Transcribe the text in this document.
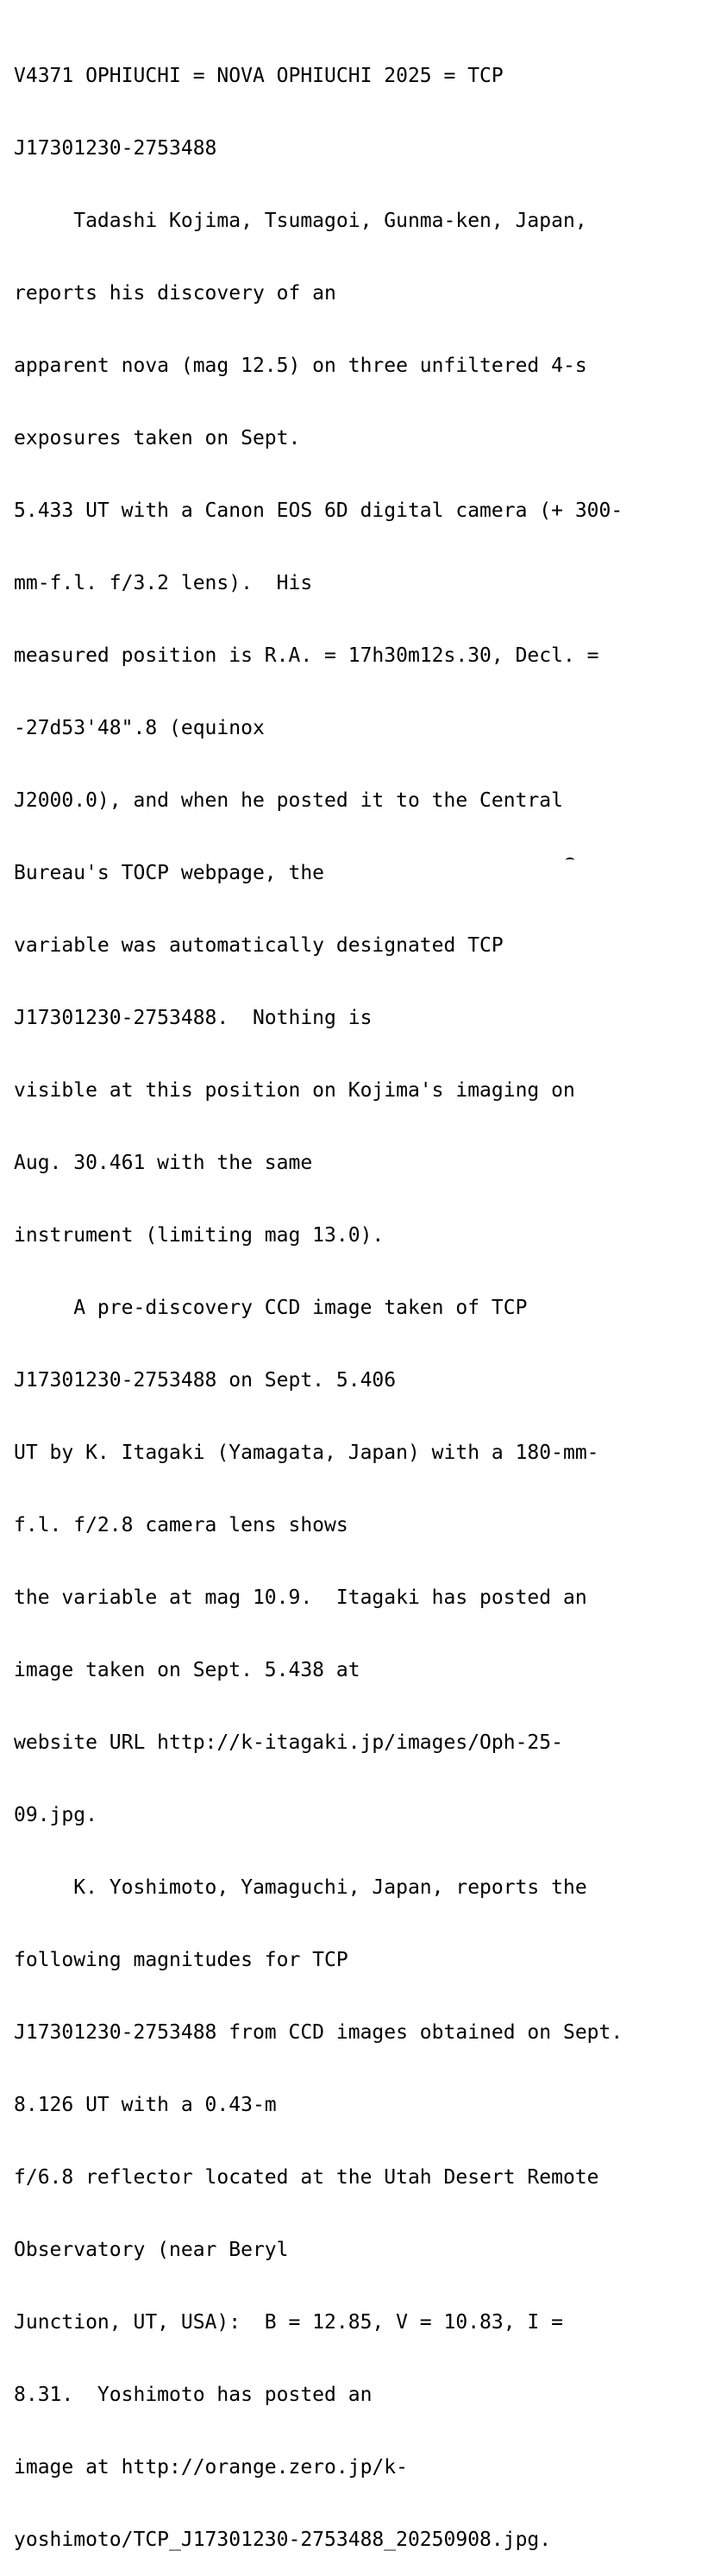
V4371 OPHIUCHI = NOVA OPHIUCHI 2025 = TCP

J17301230-2753488

Tadashi Kojima, Tsumagoi, Gunma-ken, Japan,

reports his discovery of an

apparent nova (mag 12.5) on three unfiltered 4-s

exposures taken on Sept.

5.433 UT with a Canon EOS 6D digital camera (+ 300-

mm-f.l. f/3.2 lens).  His

measured position is R.A. = 17h30m12s.30, Decl. =

-27d53'48".8 (equinox

J2000.0), and when he posted it to the Central

Bureau's TOCP webpage, the

variable was automatically designated TCP

J17301230-2753488.  Nothing is

visible at this position on Kojima's imaging on

Aug. 30.461 with the same

instrument (limiting mag 13.0).

A pre-discovery CCD image taken of TCP

J17301230-2753488 on Sept. 5.406

UT by K. Itagaki (Yamagata, Japan) with a 180-mm-

f.l. f/2.8 camera lens shows

the variable at mag 10.9.  Itagaki has posted an

image taken on Sept. 5.438 at

website URL http://k-itagaki.jp/images/Oph-25-

09.jpg.

K. Yoshimoto, Yamaguchi, Japan, reports the

following magnitudes for TCP

J17301230-2753488 from CCD images obtained on Sept.

8.126 UT with a 0.43-m

f/6.8 reflector located at the Utah Desert Remote

Observatory (near Beryl

Junction, UT, USA):  B = 12.85, V = 10.83, I =

8.31.  Yoshimoto has posted an

image at http://orange.zero.jp/k-

yoshimoto/TCP_J17301230-2753488_20250908.jpg.
